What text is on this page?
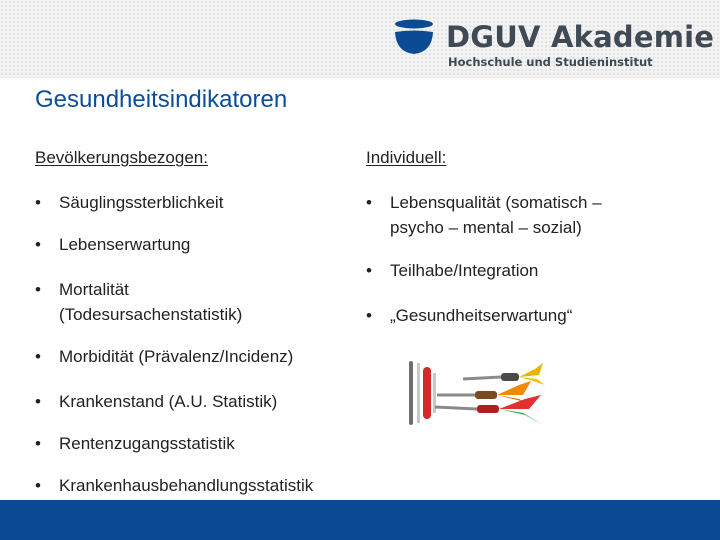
DGUV Akademie
Hochschule und Studieninstitut
Gesundheitsindikatoren
Bevölkerungsbezogen:	Individuell:
•	Säuglingssterblichkeit
•	Lebenserwartung
•	Mortalität
(Todesursachenstatistik)
•	Morbidität (Prävalenz/Incidenz)
•	Krankenstand (A.U. Statistik)
•	Rentenzugangsstatistik
•	Krankenhausbehandlungsstatistik
•	Lebensqualität (somatisch –
psycho – mental – sozial)
•	Teilhabe/Integration
•	„Gesundheitserwartung“
